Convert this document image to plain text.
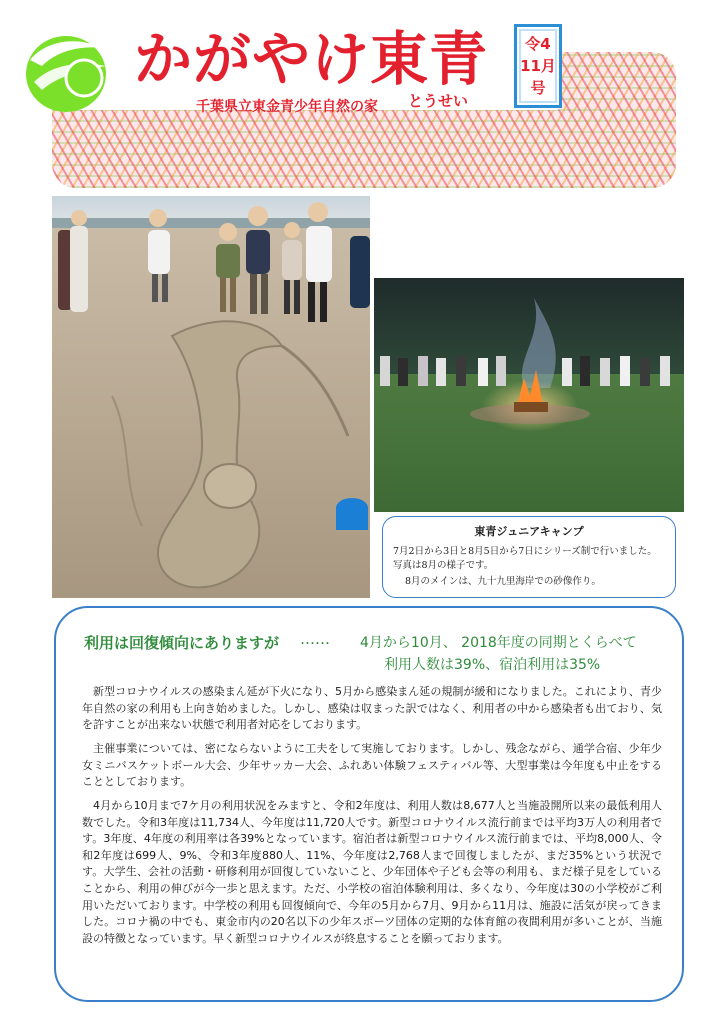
かがやけ東青
とうせい
千葉県立東金青少年自然の家
令4
11月
号
東青ジュニアキャンプ
7月2日から3日と8月5日から7日にシリーズ制で行いました。写真は8月の様子です。
8月のメインは、九十九里海岸での砂像作り。
利用は回復傾向にありますが …… 4月から10月、 2018年度の同期とくらべて
利用人数は39%、宿泊利用は35%
新型コロナウイルスの感染まん延が下火になり、5月から感染まん延の規制が緩和になりました。これにより、青少年自然の家の利用も上向き始めました。しかし、感染は収まった訳ではなく、利用者の中から感染者も出ており、気を許すことが出来ない状態で利用者対応をしております。
主催事業については、密にならないように工夫をして実施しております。しかし、残念ながら、通学合宿、少年少女ミニバスケットボール大会、少年サッカー大会、ふれあい体験フェスティバル等、大型事業は今年度も中止をすることとしております。
4月から10月まで7ケ月の利用状況をみますと、令和2年度は、利用人数は8,677人と当施設開所以来の最低利用人数でした。令和3年度は11,734人、今年度は11,720人です。新型コロナウイルス流行前までは平均3万人の利用者です。3年度、4年度の利用率は各39%となっています。宿泊者は新型コロナウイルス流行前までは、平均8,000人、令和2年度は699人、9%、令和3年度880人、11%、今年度は2,768人まで回復しましたが、まだ35%という状況です。大学生、会社の活動・研修利用が回復していないこと、少年団体や子ども会等の利用も、まだ様子見をしていることから、利用の伸びが今一歩と思えます。ただ、小学校の宿泊体験利用は、多くなり、今年度は30の小学校がご利用いただいております。中学校の利用も回復傾向で、今年の5月から7月、9月から11月は、施設に活気が戻ってきました。コロナ禍の中でも、東金市内の20名以下の少年スポーツ団体の定期的な体育館の夜間利用が多いことが、当施設の特徴となっています。早く新型コロナウイルスが終息することを願っております。
